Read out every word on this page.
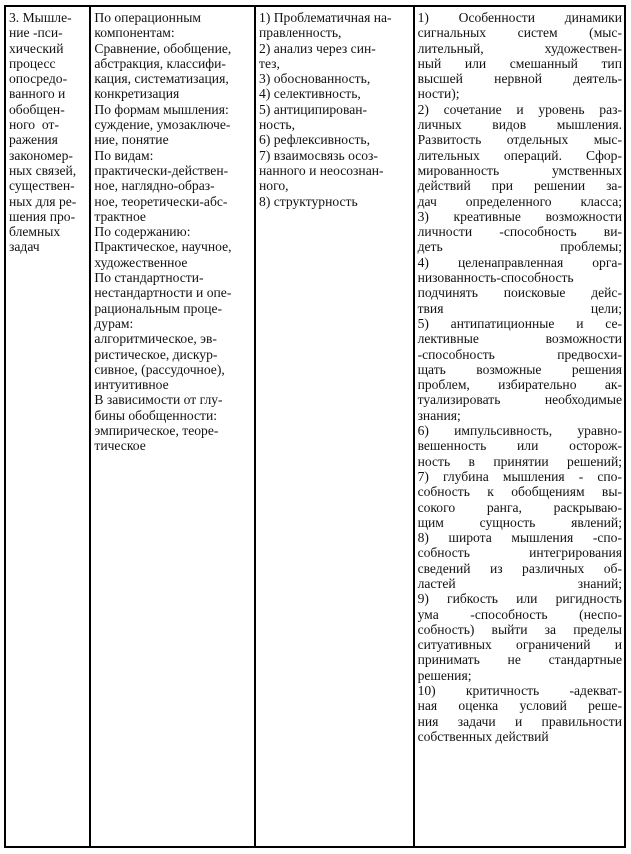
3. Мышле-
ние -пси-
хический
процесс
опосредо-
ванного и
обобщен-
ного  от-
ражения
закономер-
ных связей,
существен-
ных для ре-
шения про-
блемных
задач

По операционным
компонентам:
Сравнение, обобщение,
абстракция, классифи-
кация, систематизация,
конкретизация
По формам мышления:
суждение, умозаключе-
ние, понятие
По видам:
практически-действен-
ное, наглядно-образ-
ное, теоретически-абс-
трактное
По содержанию:
Практическое, научное,
художественное
По стандартности-
нестандартности и опе-
рациональным проце-
дурам:
алгоритмическое, эв-
ристическое, дискур-
сивное, (рассудочное),
интуитивное
В зависимости от глу-
бины обобщенности:
эмпирическое, теоре-
тическое

1) Проблематичная на-
правленность,
2) анализ через син-
тез,
3) обоснованность,
4) селективность,
5) антиципирован-
ность,
6) рефлексивность,
7) взаимосвязь осоз-
нанного и неосознан-
ного,
8) структурность

1) Особенности динамики
сигнальных систем (мыс-
лительный, художествен-
ный или смешанный тип
высшей нервной деятель-
ности);
2) сочетание и уровень раз-
личных видов мышления.
Развитость отдельных мыс-
лительных операций. Сфор-
мированность умственных
действий при решении за-
дач определенного класса;
3) креативные возможности
личности -способность ви-
деть проблемы;
4) целенаправленная орга-
низованность-способность
подчинять поисковые дейс-
твия цели;
5) антипатиционные и се-
лективные возможности
-способность предвосхи-
щать возможные решения
проблем, избирательно ак-
туализировать необходимые
знания;
6) импульсивность, уравно-
вешенность или осторож-
ность в принятии решений;
7) глубина мышления - спо-
собность к обобщениям вы-
сокого ранга, раскрываю-
щим сущность явлений;
8) широта мышления -спо-
собность интегрирования
сведений из различных об-
ластей знаний;
9) гибкость или ригидность
ума -способность (неспо-
собность) выйти за пределы
ситуативных ограничений и
принимать не стандартные
решения;
10) критичность -адекват-
ная оценка условий реше-
ния задачи и правильности
собственных действий
